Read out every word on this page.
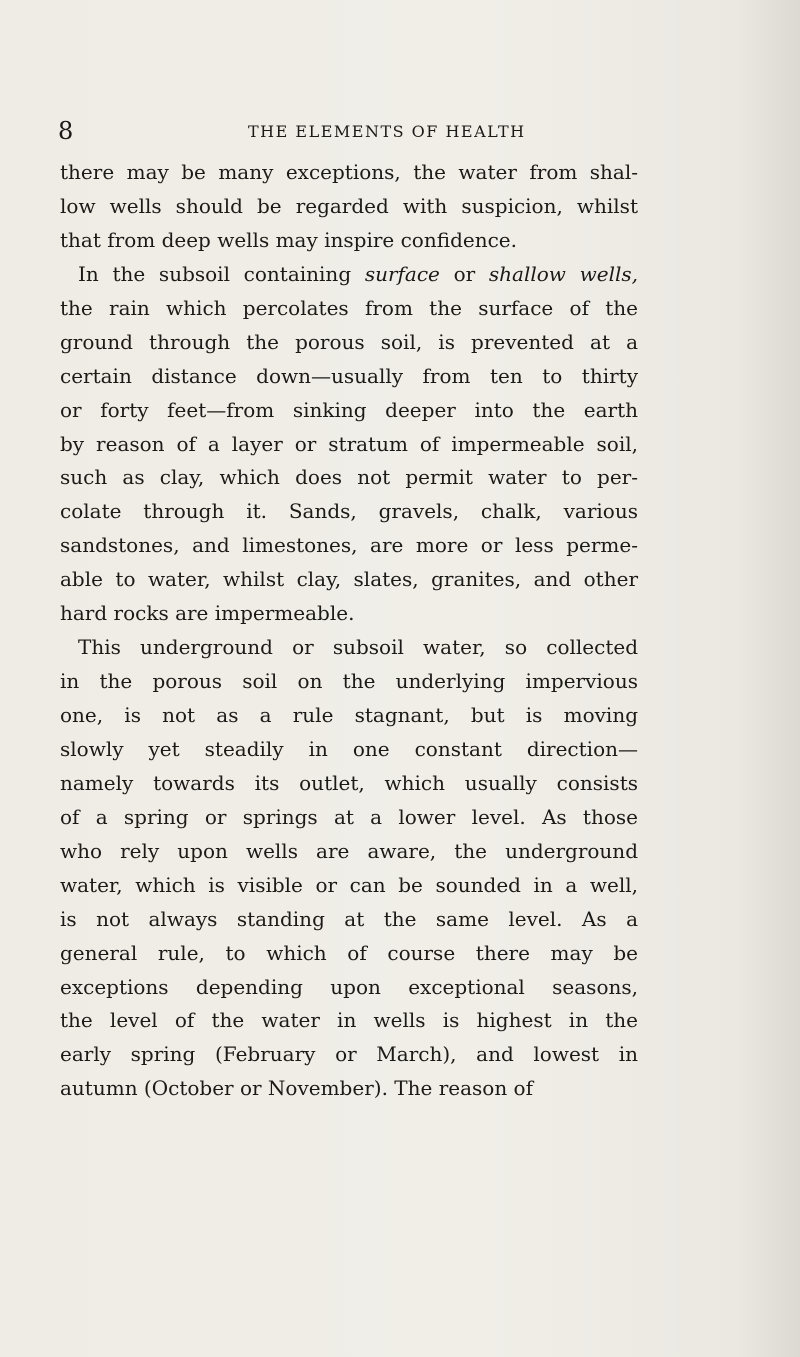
8	THE ELEMENTS OF HEALTH
there may be many exceptions, the water from shal-
low wells should be regarded with suspicion, whilst
that from deep wells may inspire confidence.
In the subsoil containing surface or shallow wells,
the rain which percolates from the surface of the
ground through the porous soil, is prevented at a
certain distance down—usually from ten to thirty
or forty feet—from sinking deeper into the earth
by reason of a layer or stratum of impermeable soil,
such as clay, which does not permit water to per-
colate through it. Sands, gravels, chalk, various
sandstones, and limestones, are more or less perme-
able to water, whilst clay, slates, granites, and other
hard rocks are impermeable.
This underground or subsoil water, so collected
in the porous soil on the underlying impervious
one, is not as a rule stagnant, but is moving
slowly yet steadily in one constant direction—
namely towards its outlet, which usually consists
of a spring or springs at a lower level. As those
who rely upon wells are aware, the underground
water, which is visible or can be sounded in a well,
is not always standing at the same level. As a
general rule, to which of course there may be
exceptions depending upon exceptional seasons,
the level of the water in wells is highest in the
early spring (February or March), and lowest in
autumn (October or November). The reason of
